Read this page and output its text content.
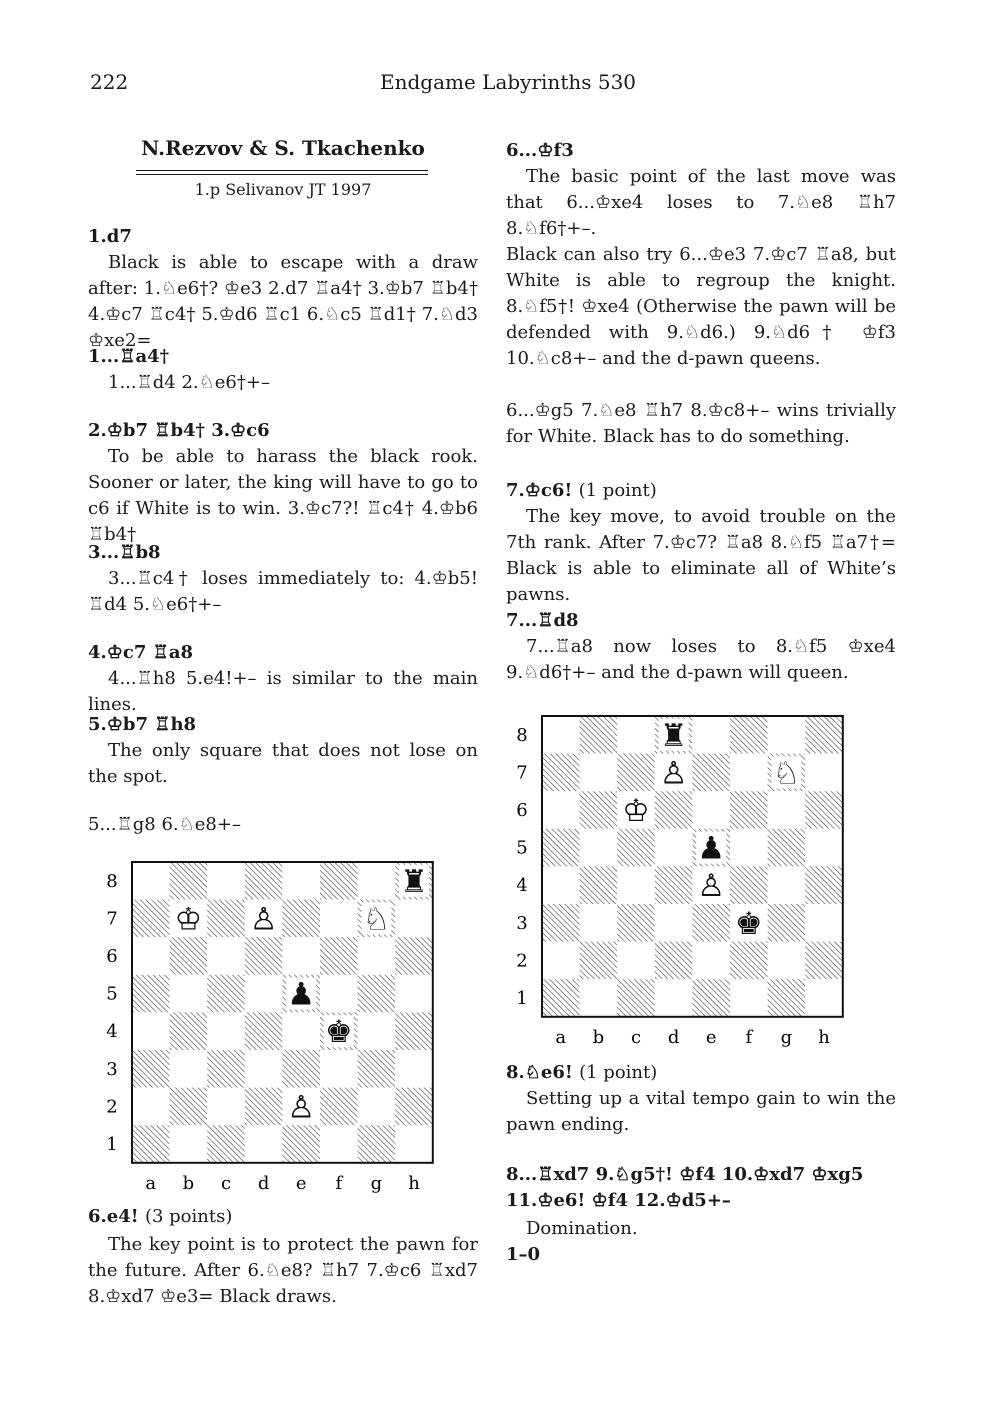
222	Endgame Labyrinths 530
N.Rezvov & S. Tkachenko
1.p Selivanov JT 1997
1.d7

Black is able to escape with a draw after: 1.♘e6†? ♔e3 2.d7 ♖a4† 3.♔b7 ♖b4† 4.♔c7 ♖c4† 5.♔d6 ♖c1 6.♘c5 ♖d1† 7.♘d3 ♔xe2=

1...♖a4†

1...♖d4 2.♘e6†+–

2.♔b7 ♖b4† 3.♔c6

To be able to harass the black rook. Sooner or later, the king will have to go to c6 if White is to win. 3.♔c7?! ♖c4† 4.♔b6 ♖b4†

3...♖b8

3...♖c4† loses immediately to: 4.♔b5! ♖d4 5.♘e6†+–

4.♔c7 ♖a8

4...♖h8 5.e4!+– is similar to the main lines.

5.♔b7 ♖h8

The only square that does not lose on the spot.

5...♖g8 6.♘e8+–

6.e4! (3 points)

The key point is to protect the pawn for the future. After 6.♘e8? ♖h7 7.♔c6 ♖xd7 8.♔xd7 ♔e3= Black draws.

6...♔f3

The basic point of the last move was that 6...♔xe4 loses to 7.♘e8 ♖h7 8.♘f6†+–.

Black can also try 6...♔e3 7.♔c7 ♖a8, but White is able to regroup the knight. 8.♘f5†! ♔xe4 (Otherwise the pawn will be defended with 9.♘d6.) 9.♘d6† ♔f3 10.♘c8+– and the d-pawn queens.

6...♔g5 7.♘e8 ♖h7 8.♔c8+– wins trivially for White. Black has to do something.

7.♔c6! (1 point)

The key move, to avoid trouble on the 7th rank. After 7.♔c7? ♖a8 8.♘f5 ♖a7†= Black is able to eliminate all of White’s pawns.

7...♖d8

7...♖a8 now loses to 8.♘f5 ♔xe4 9.♘d6†+– and the d-pawn will queen.

8.♘e6! (1 point)

Setting up a vital tempo gain to win the pawn ending.

8...♖xd7 9.♘g5†! ♔f4 10.♔xd7 ♔xg5 11.♔e6! ♔f4 12.♔d5+–

Domination.

1–0
8
7
6
5
4
3
2
1
a b c d e f g h
♜
♔ ♙	♘
♟
♚
♙
8
7
6
5
4
3
2
1
a b c d e f g h
♜
♙	♘
♔
♟
♙
♚
